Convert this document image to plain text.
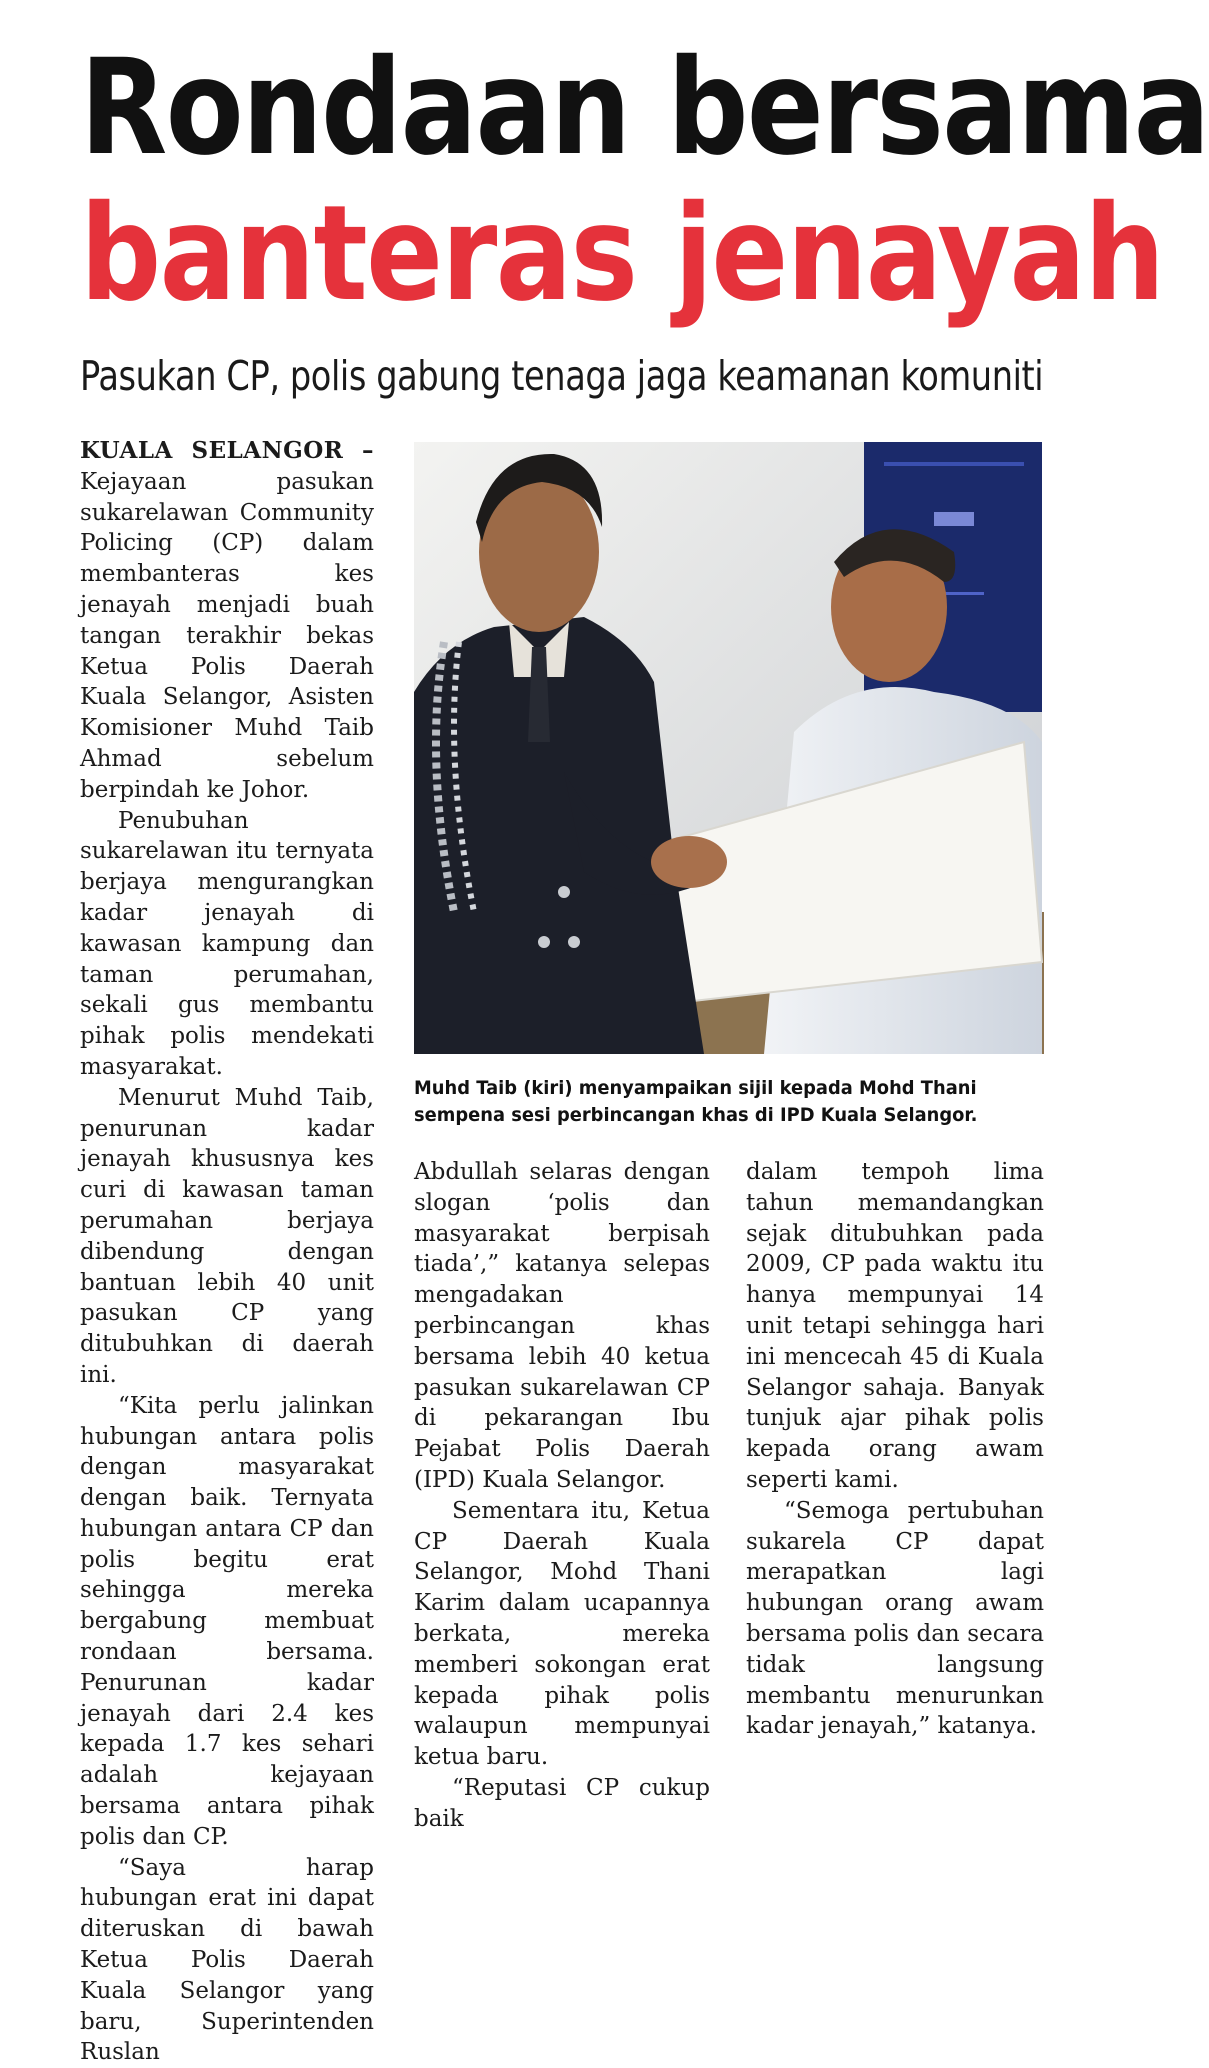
Rondaan bersama
banteras jenayah
Pasukan CP, polis gabung tenaga jaga keamanan komuniti

KUALA SELANGOR – Kejayaan pasukan sukarelawan Community Policing (CP) dalam membanteras kes jenayah menjadi buah tangan terakhir bekas Ketua Polis Daerah Kuala Selangor, Asisten Komisioner Muhd Taib Ahmad sebelum berpindah ke Johor.

Penubuhan sukarelawan itu ternyata berjaya mengurangkan kadar jenayah di kawasan kampung dan taman perumahan, sekali gus membantu pihak polis mendekati masyarakat.

Menurut Muhd Taib, penurunan kadar jenayah khususnya kes curi di kawasan taman perumahan berjaya dibendung dengan bantuan lebih 40 unit pasukan CP yang ditubuhkan di daerah ini.

“Kita perlu jalinkan hubungan antara polis dengan masyarakat dengan baik. Ternyata hubungan antara CP dan polis begitu erat sehingga mereka bergabung membuat rondaan bersama. Penurunan kadar jenayah dari 2.4 kes kepada 1.7 kes sehari adalah kejayaan bersama antara pihak polis dan CP.

“Saya harap hubungan erat ini dapat diteruskan di bawah Ketua Polis Daerah Kuala Selangor yang baru, Superintenden Ruslan

Muhd Taib (kiri) menyampaikan sijil kepada Mohd Thani
sempena sesi perbincangan khas di IPD Kuala Selangor.

Abdullah selaras dengan slogan ‘polis dan masyarakat berpisah tiada’,” katanya selepas mengadakan perbincangan khas bersama lebih 40 ketua pasukan sukarelawan CP di pekarangan Ibu Pejabat Polis Daerah (IPD) Kuala Selangor.

Sementara itu, Ketua CP Daerah Kuala Selangor, Mohd Thani Karim dalam ucapannya berkata, mereka memberi sokongan erat kepada pihak polis walaupun mempunyai ketua baru.

“Reputasi CP cukup baik

dalam tempoh lima tahun memandangkan sejak ditubuhkan pada 2009, CP pada waktu itu hanya mempunyai 14 unit tetapi sehingga hari ini mencecah 45 di Kuala Selangor sahaja. Banyak tunjuk ajar pihak polis kepada orang awam seperti kami.

“Semoga pertubuhan sukarela CP dapat merapatkan lagi hubungan orang awam bersama polis dan secara tidak langsung membantu menurunkan kadar jenayah,” katanya.
